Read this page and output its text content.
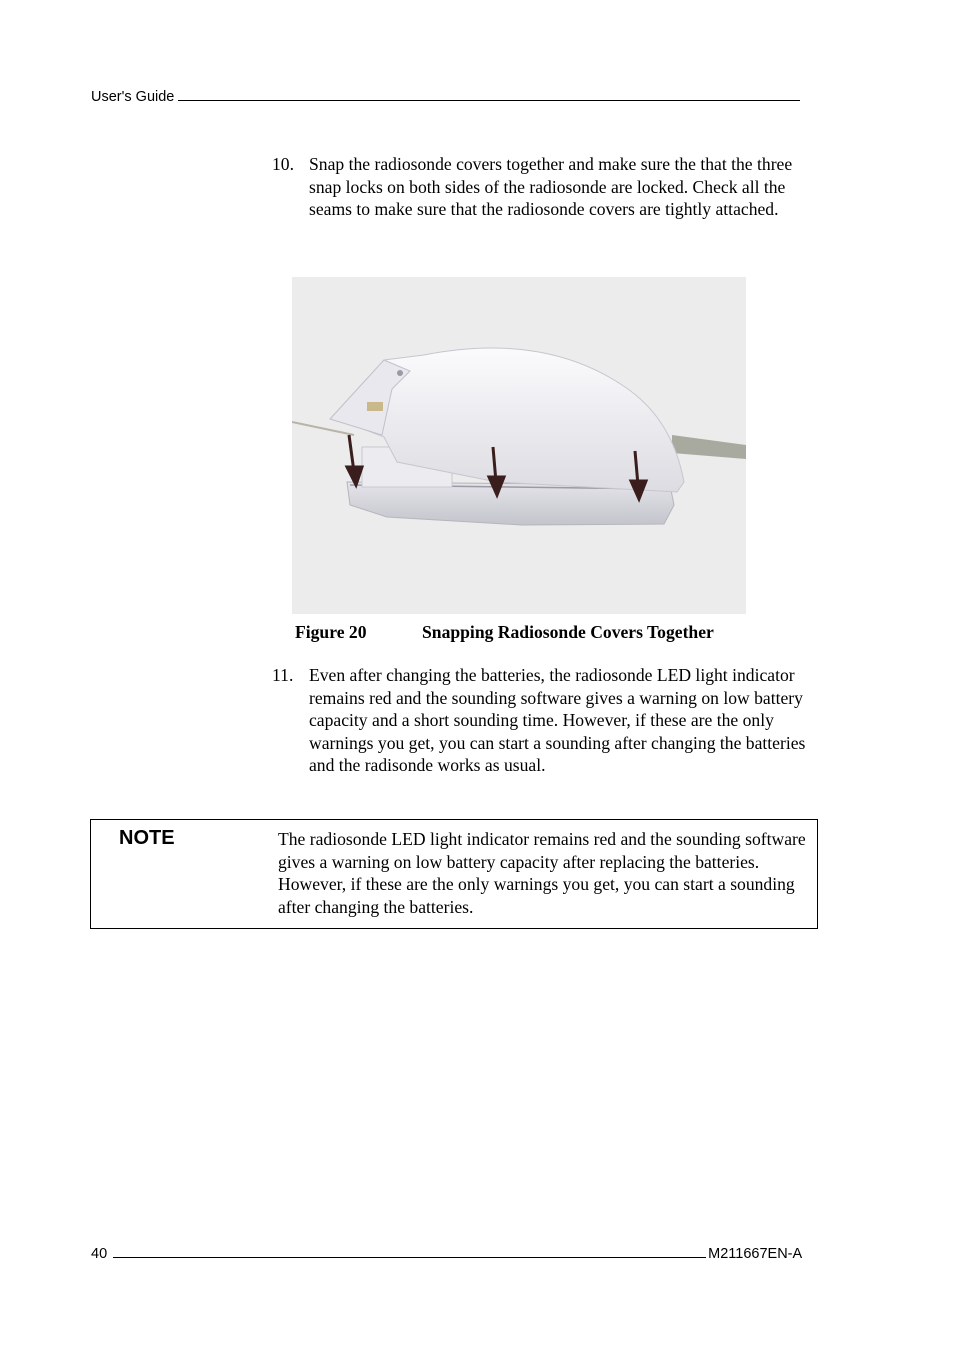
User's Guide
10. Snap the radiosonde covers together and make sure the that the three snap locks on both sides of the radiosonde are locked. Check all the seams to make sure that the radiosonde covers are tightly attached.
Figure 20	Snapping Radiosonde Covers Together
11. Even after changing the batteries, the radiosonde LED light indicator remains red and the sounding software gives a warning on low battery capacity and a short sounding time. However, if these are the only warnings you get, you can start a sounding after changing the batteries and the radisonde works as usual.
NOTE	The radiosonde LED light indicator remains red and the sounding software gives a warning on low battery capacity after replacing the batteries. However, if these are the only warnings you get, you can start a sounding after changing the batteries.
40	M211667EN-A
